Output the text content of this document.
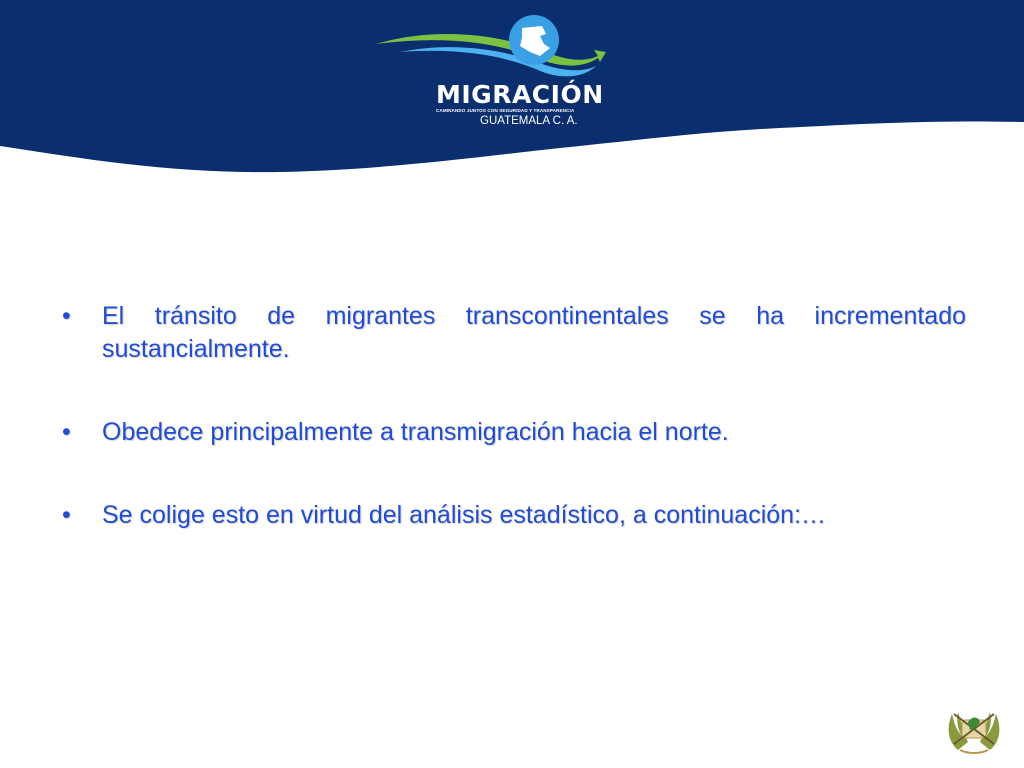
MIGRACIÓN
CAMINANDO JUNTOS CON SEGURIDAD Y TRANSPARENCIA
GUATEMALA C. A.
• El tránsito de migrantes transcontinentales se ha incrementado sustancialmente.
• Obedece principalmente a transmigración hacia el norte.
• Se colige esto en virtud del análisis estadístico, a continuación:…
